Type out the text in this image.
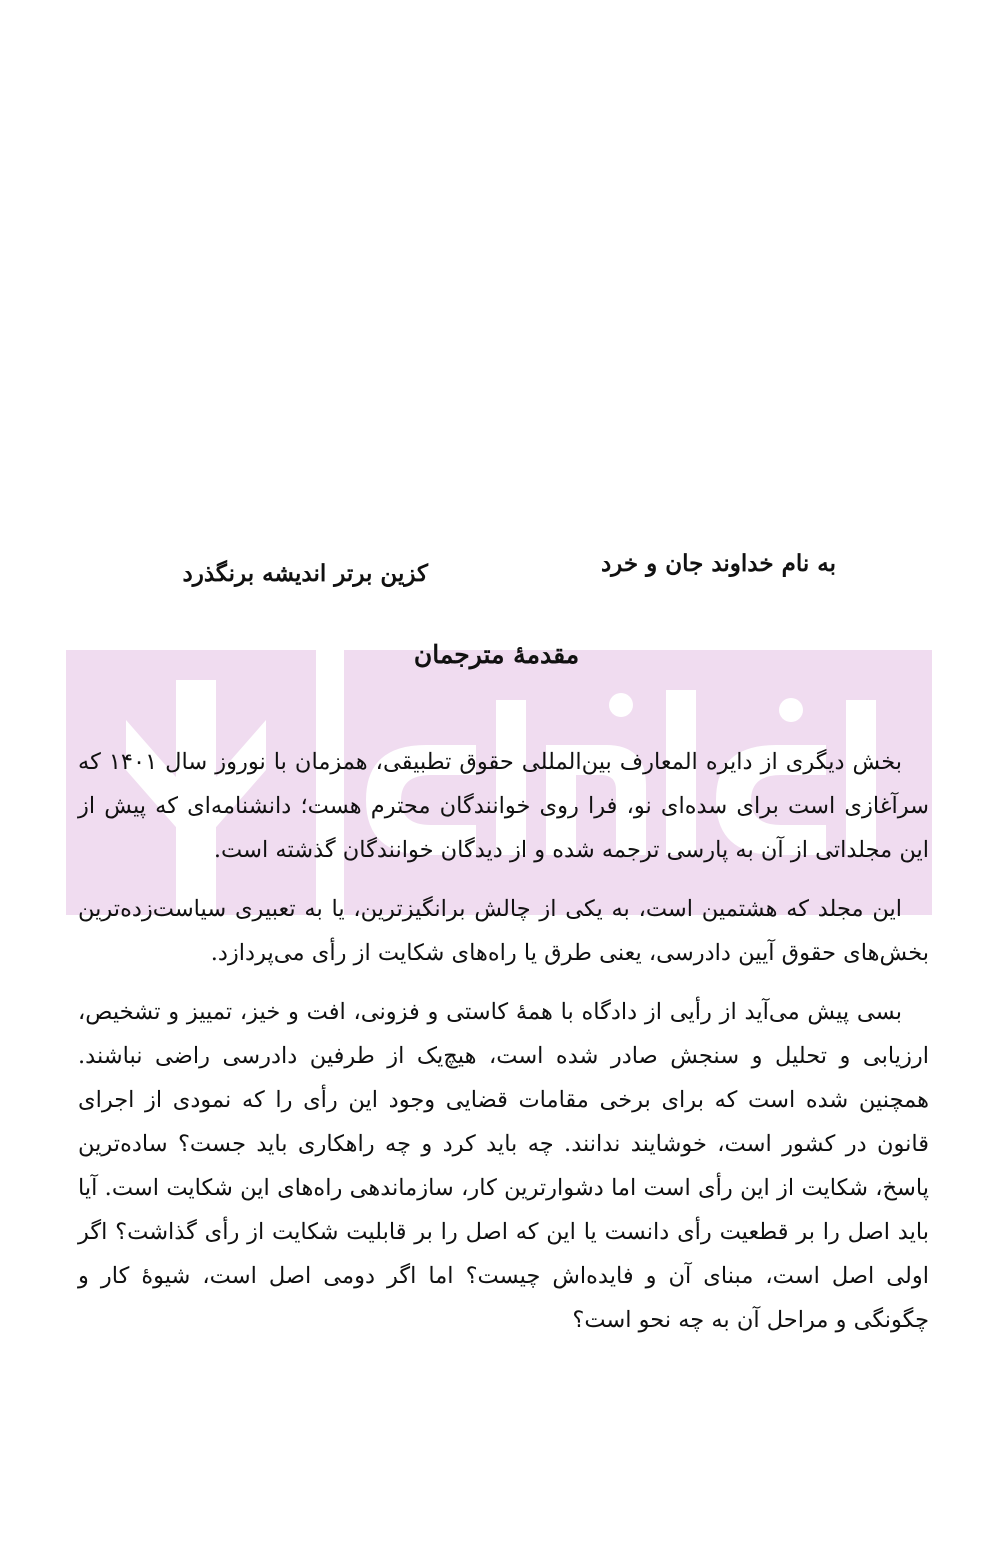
به نام خداوند جان و خرد
کزین برتر اندیشه برنگذرد
مقدمهٔ مترجمان

بخش دیگری از دایره المعارف بین‌المللی حقوق تطبیقی، همزمان با نوروز سال ۱۴۰۱ که سرآغازی است برای سده‌ای نو، فرا روی خوانندگان محترم هست؛ دانشنامه‌ای که پیش از این مجلداتی از آن به پارسی ترجمه شده و از دیدگان خوانندگان گذشته است.

این مجلد که هشتمین است، به یکی از چالش برانگیزترین، یا به تعبیری سیاست‌زده‌ترین بخش‌های حقوق آیین دادرسی، یعنی طرق یا راه‌های شکایت از رأی می‌پردازد.

بسی پیش می‌آید از رأیی از دادگاه با همهٔ کاستی و فزونی، افت و خیز، تمییز و تشخیص، ارزیابی و تحلیل و سنجش صادر شده است، هیچ‌یک از طرفین دادرسی راضی نباشند. همچنین شده است که برای برخی مقامات قضایی وجود این رأی را که نمودی از اجرای قانون در کشور است، خوشایند ندانند. چه باید کرد و چه راهکاری باید جست؟ ساده‌ترین پاسخ، شکایت از این رأی است اما دشوارترین کار، سازماندهی راه‌های این شکایت است. آیا باید اصل را بر قطعیت رأی دانست یا این که اصل را بر قابلیت شکایت از رأی گذاشت؟ اگر اولی اصل است، مبنای آن و فایده‌اش چیست؟ اما اگر دومی اصل است، شیوهٔ کار و چگونگی و مراحل آن به چه نحو است؟
